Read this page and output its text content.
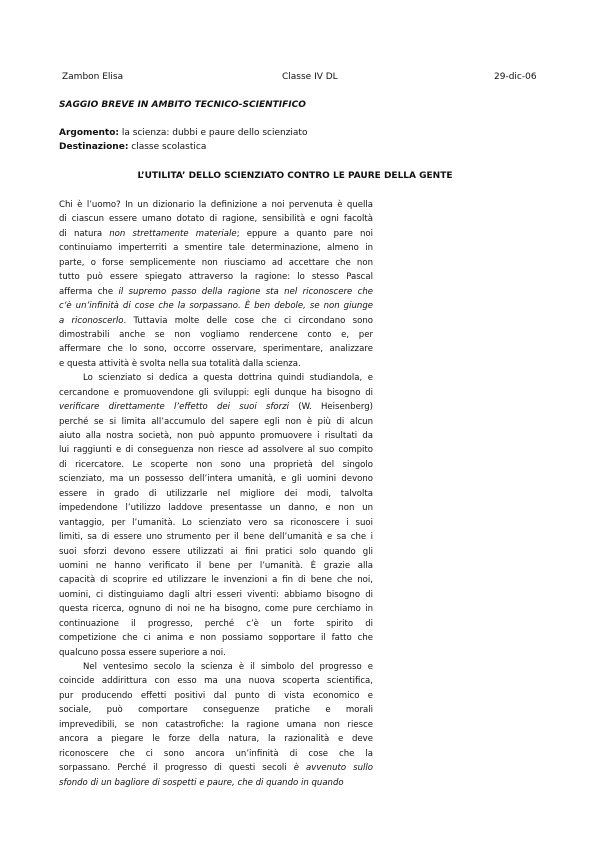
Zambon Elisa	Classe IV DL	29-dic-06
SAGGIO BREVE IN AMBITO TECNICO-SCIENTIFICO
Argomento: la scienza: dubbi e paure dello scienziato
Destinazione: classe scolastica
L’UTILITA’ DELLO SCIENZIATO CONTRO LE PAURE DELLA GENTE

Chi è l’uomo? In un dizionario la definizione a noi pervenuta è quella
di ciascun essere umano dotato di ragione, sensibilità e ogni facoltà
di natura non strettamente materiale; eppure a quanto pare noi
continuiamo imperterriti a smentire tale determinazione, almeno in
parte, o forse semplicemente non riusciamo ad accettare che non
tutto può essere spiegato attraverso la ragione: lo stesso Pascal
afferma che il supremo passo della ragione sta nel riconoscere che
c’è un’infinità di cose che la sorpassano. È ben debole, se non giunge
a riconoscerlo. Tuttavia molte delle cose che ci circondano sono
dimostrabili anche se non vogliamo rendercene conto e, per
affermare che lo sono, occorre osservare, sperimentare, analizzare
e questa attività è svolta nella sua totalità dalla scienza.

Lo scienziato si dedica a questa dottrina quindi studiandola, e
cercandone e promuovendone gli sviluppi: egli dunque ha bisogno di
verificare direttamente l’effetto dei suoi sforzi (W. Heisenberg)
perché se si limita all’accumulo del sapere egli non è più di alcun
aiuto alla nostra società, non può appunto promuovere i risultati da
lui raggiunti e di conseguenza non riesce ad assolvere al suo compito
di ricercatore. Le scoperte non sono una proprietà del singolo
scienziato, ma un possesso dell’intera umanità, e gli uomini devono
essere in grado di utilizzarle nel migliore dei modi, talvolta
impedendone l’utilizzo laddove presentasse un danno, e non un
vantaggio, per l’umanità. Lo scienziato vero sa riconoscere i suoi
limiti, sa di essere uno strumento per il bene dell’umanità e sa che i
suoi sforzi devono essere utilizzati ai fini pratici solo quando gli
uomini ne hanno verificato il bene per l’umanità. È grazie alla
capacità di scoprire ed utilizzare le invenzioni a fin di bene che noi,
uomini, ci distinguiamo dagli altri esseri viventi: abbiamo bisogno di
questa ricerca, ognuno di noi ne ha bisogno, come pure cerchiamo in
continuazione il progresso, perché c’è un forte spirito di
competizione che ci anima e non possiamo sopportare il fatto che
qualcuno possa essere superiore a noi.

Nel ventesimo secolo la scienza è il simbolo del progresso e
coincide addirittura con esso ma una nuova scoperta scientifica,
pur producendo effetti positivi dal punto di vista economico e
sociale, può comportare conseguenze pratiche e morali
imprevedibili, se non catastrofiche: la ragione umana non riesce
ancora a piegare le forze della natura, la razionalità e deve
riconoscere che ci sono ancora un’infinità di cose che la
sorpassano. Perché il progresso di questi secoli è avvenuto sullo
sfondo di un bagliore di sospetti e paure, che di quando in quando
